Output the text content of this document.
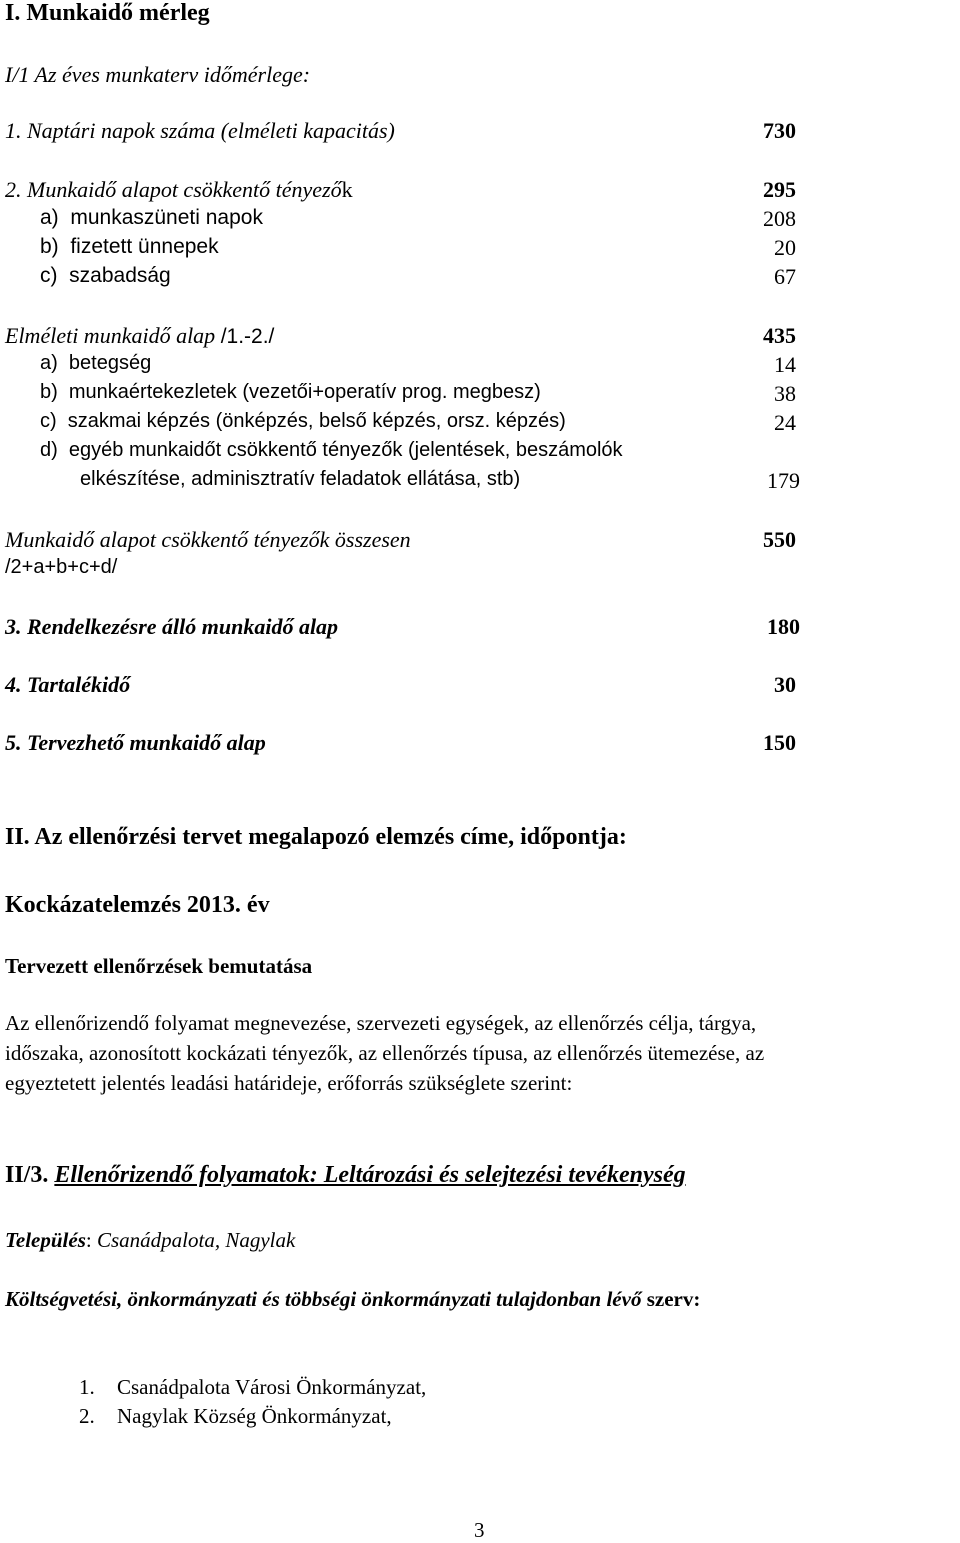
I. Munkaidő mérleg
I/1 Az éves munkaterv időmérlege:
1. Naptári napok száma (elméleti kapacitás)	730
2. Munkaidő alapot csökkentő tényezők	295
a)  munkaszüneti napok	208
b)  fizetett ünnepek	20
c)  szabadság	67
Elméleti munkaidő alap /1.-2./	435
a)  betegség	14
b)  munkaértekezletek (vezetői+operatív prog. megbesz)	38
c)  szakmai képzés (önképzés, belső képzés, orsz. képzés)	24
d)  egyéb munkaidőt csökkentő tényezők (jelentések, beszámolók
elkészítése, adminisztratív feladatok ellátása, stb)	179
Munkaidő alapot csökkentő tényezők összesen	550
/2+a+b+c+d/
3. Rendelkezésre álló munkaidő alap	180
4. Tartalékidő	30
5. Tervezhető munkaidő alap	150
II. Az ellenőrzési tervet megalapozó elemzés címe, időpontja:
Kockázatelemzés 2013. év
Tervezett ellenőrzések bemutatása
Az ellenőrizendő folyamat megnevezése, szervezeti egységek, az ellenőrzés célja, tárgya,
időszaka, azonosított kockázati tényezők, az ellenőrzés típusa, az ellenőrzés ütemezése, az
egyeztetett jelentés leadási határideje, erőforrás szükséglete szerint:
II/3. Ellenőrizendő folyamatok: Leltározási és selejtezési tevékenység
Település: Csanádpalota, Nagylak
Költségvetési, önkormányzati és többségi önkormányzati tulajdonban lévő szerv:
1. Csanádpalota Városi Önkormányzat,
2. Nagylak Község Önkormányzat,
3
